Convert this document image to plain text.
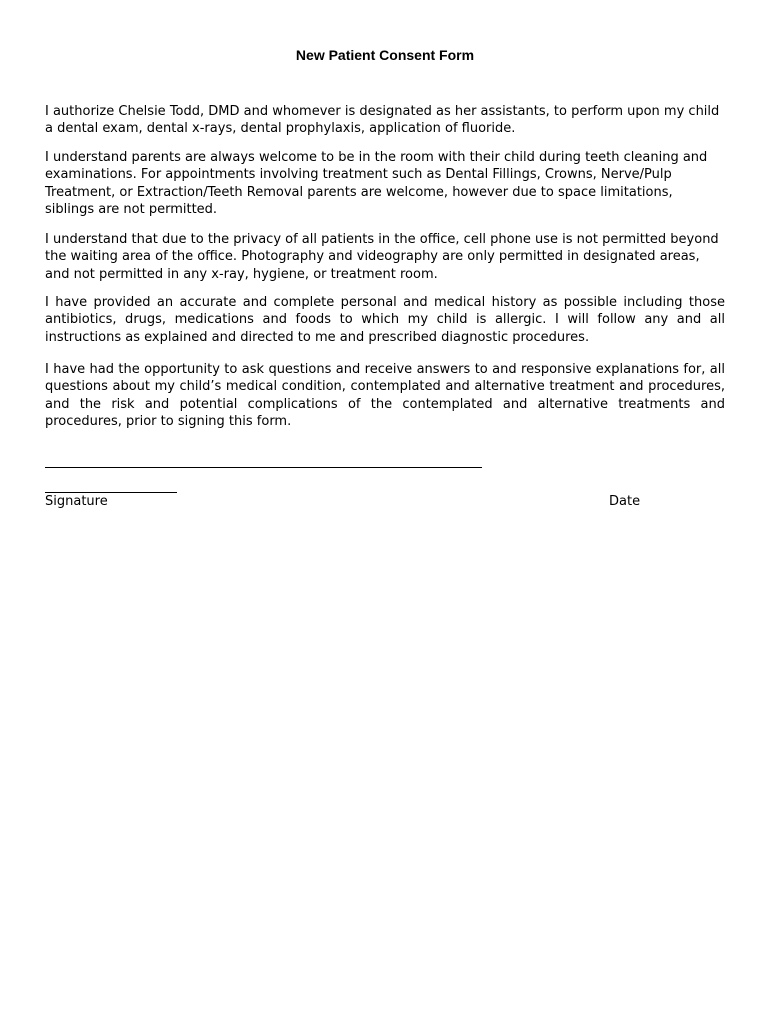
New Patient Consent Form

I authorize Chelsie Todd, DMD and whomever is designated as her assistants, to perform upon my child a dental exam, dental x-rays, dental prophylaxis, application of fluoride.

I understand parents are always welcome to be in the room with their child during teeth cleaning and examinations. For appointments involving treatment such as Dental Fillings, Crowns, Nerve/Pulp Treatment, or Extraction/Teeth Removal parents are welcome, however due to space limitations, siblings are not permitted.

I understand that due to the privacy of all patients in the office, cell phone use is not permitted beyond the waiting area of the office. Photography and videography are only permitted in designated areas, and not permitted in any x-ray, hygiene, or treatment room.

I have provided an accurate and complete personal and medical history as possible including those antibiotics, drugs, medications and foods to which my child is allergic. I will follow any and all instructions as explained and directed to me and prescribed diagnostic procedures.

I have had the opportunity to ask questions and receive answers to and responsive explanations for, all questions about my child’s medical condition, contemplated and alternative treatment and procedures, and the risk and potential complications of the contemplated and alternative treatments and procedures, prior to signing this form.

Signature	Date
